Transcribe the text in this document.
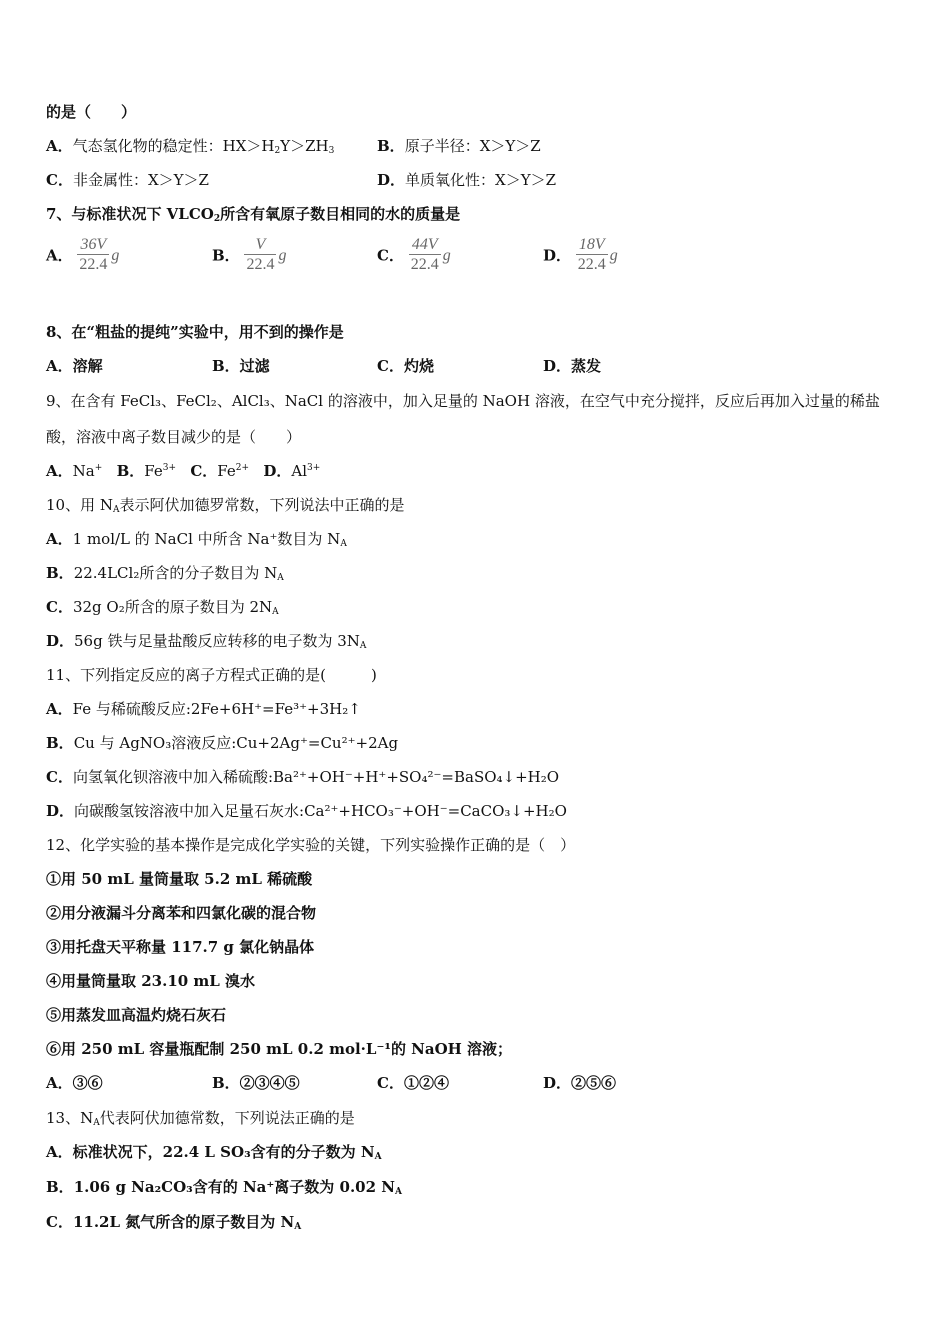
的是（　　）
A．气态氢化物的稳定性：$HX>H_2Y>ZH_3$	B．原子半径：X＞Y＞Z
C．非金属性：X＞Y＞Z	D．单质氧化性：X＞Y＞Z
7、与标准状况下 $VLCO_2$所含有氧原子数目相同的水的质量是
A． $\frac{36V}{22.4}$ g	B． $\frac{V}{22.4}$ g	C． $\frac{44V}{22.4}$ g	D． $\frac{18V}{22.4}$ g
8、在“粗盐的提纯”实验中，用不到的操作是
A．溶解	B．过滤	C．灼烧	D．蒸发
9、在含有 FeCl₃、FeCl₂、AlCl₃、NaCl 的溶液中，加入足量的 NaOH 溶液，在空气中充分搅拌，反应后再加入过量的稀盐
酸，溶液中离子数目减少的是（　　）
A．Na+ B．$Fe^{3+}$ C．$Fe^{2+}$ D．$Al^{3+}$
10、用 $N_A$表示阿伏加德罗常数，下列说法中正确的是
A．1 mol/L 的 NaCl 中所含 Na⁺数目为 $N_A$
B．22.4LCl₂所含的分子数目为 $N_A$
C．32g O₂所含的原子数目为 $2N_A$
D．56g 铁与足量盐酸反应转移的电子数为 $3N_A$
11、下列指定反应的离子方程式正确的是(　　　)
A．Fe 与稀硫酸反应:2Fe+6H⁺=Fe³⁺+3H₂↑
B．Cu 与 AgNO₃溶液反应:Cu+2Ag⁺=Cu²⁺+2Ag
C．向氢氧化钡溶液中加入稀硫酸:Ba²⁺+OH⁻+H⁺+SO₄²⁻=BaSO₄↓+H₂O
D．向碳酸氢铵溶液中加入足量石灰水:Ca²⁺+HCO₃⁻+OH⁻=CaCO₃↓+H₂O
12、化学实验的基本操作是完成化学实验的关键，下列实验操作正确的是（　）
①用 50 mL 量筒量取 5.2 mL 稀硫酸
②用分液漏斗分离苯和四氯化碳的混合物
③用托盘天平称量 117.7 g 氯化钠晶体
④用量筒量取 23.10 mL 溴水
⑤用蒸发皿高温灼烧石灰石
⑥用 250 mL 容量瓶配制 250 mL 0.2 mol·L⁻¹的 NaOH 溶液；
A．③⑥	B．②③④⑤	C．①②④	D．②⑤⑥
13、$N_A$代表阿伏加德常数，下列说法正确的是
A．标准状况下，22.4 L SO₃含有的分子数为 $N_A$
B．1.06 g Na₂CO₃含有的 Na⁺离子数为 0.02 $N_A$
C．11.2L 氮气所含的原子数目为 $N_A$
